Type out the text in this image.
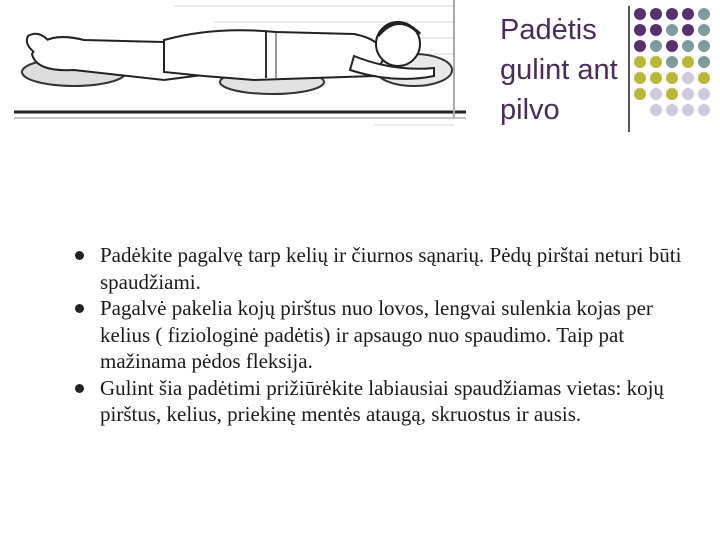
Padėtis
gulint ant
pilvo
Padėkite pagalvę tarp kelių ir čiurnos sąnarių. Pėdų pirštai neturi būti spaudžiami.
Pagalvė pakelia kojų pirštus nuo lovos, lengvai sulenkia kojas per kelius ( fiziologinė padėtis) ir apsaugo nuo spaudimo. Taip pat mažinama pėdos fleksija.
Gulint šia padėtimi prižiūrėkite labiausiai spaudžiamas vietas: kojų pirštus, kelius, priekinę mentės ataugą, skruostus ir ausis.
